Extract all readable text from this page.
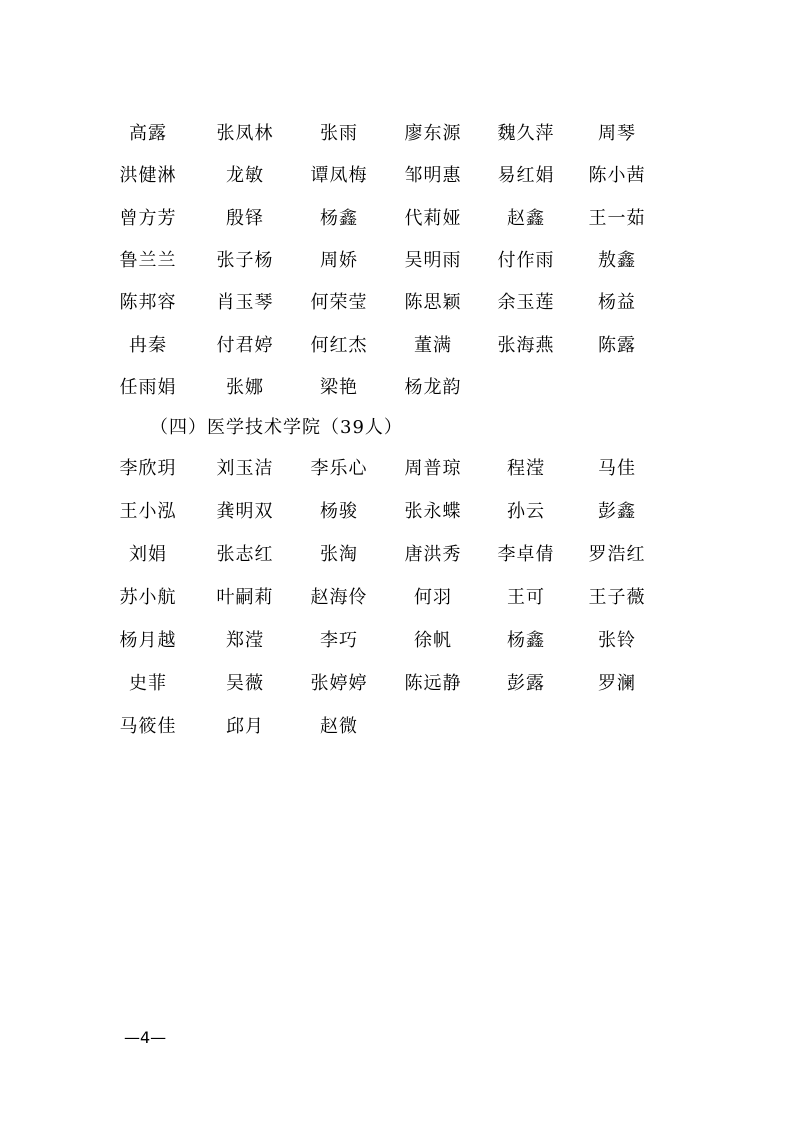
高露	张凤林	张雨	廖东源 魏久萍 周琴
洪健淋	龙敏	谭凤梅 邹明惠 易红娟 陈小茜
曾方芳	殷铎	杨鑫	代莉娅	赵鑫 王一茹
鲁兰兰 张子杨	周娇	吴明雨 付作雨 敖鑫
陈邦容 肖玉琴 何荣莹 陈思颖 余玉莲 杨益
冉秦	付君婷 何红杰	董满	张海燕 陈露
任雨娟	张娜	梁艳	杨龙韵
（四）医学技术学院（39人）
李欣玥 刘玉洁 李乐心 周普琼	程滢	马佳
王小泓 龚明双	杨骏	张永蝶	孙云	彭鑫
刘娟	张志红	张淘	唐洪秀 李卓倩 罗浩红
苏小航 叶嗣莉 赵海伶	何羽	王可 王子薇
杨月越	郑滢	李巧	徐帆	杨鑫	张铃
史菲	吴薇	张婷婷 陈远静	彭露	罗澜
马筱佳	邱月	赵微
—4—
